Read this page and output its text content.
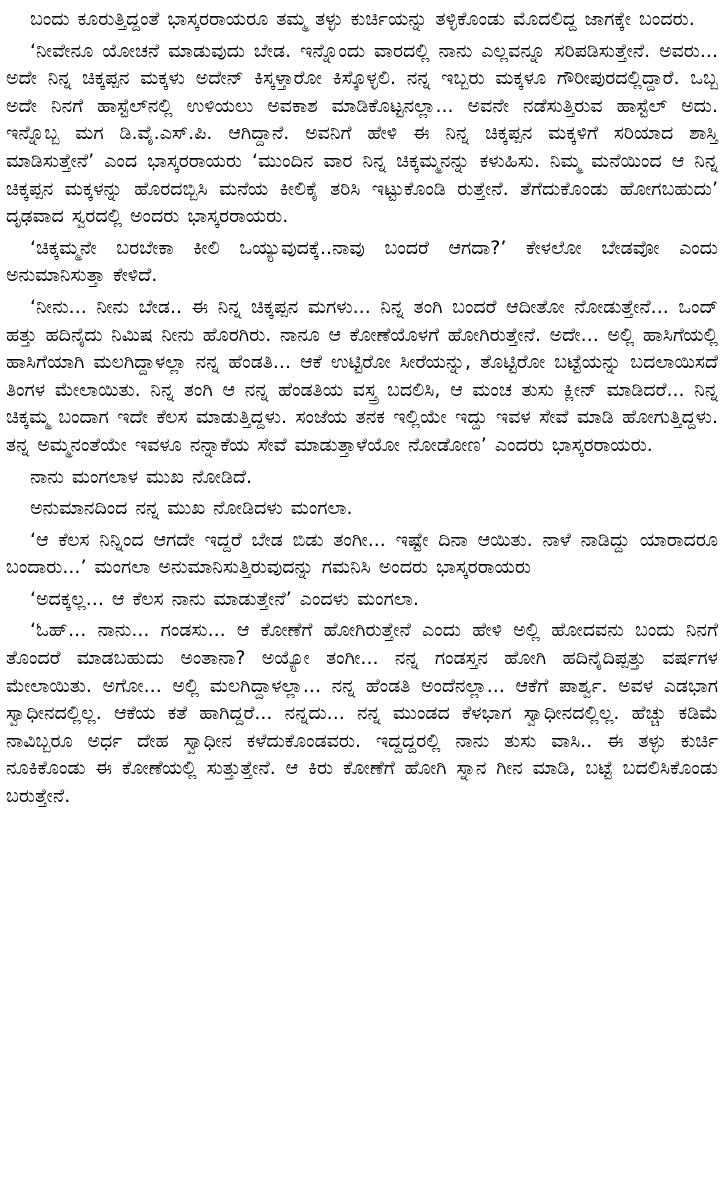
ಬಂದು ಕೂರುತ್ತಿದ್ದಂತೆ ಭಾಸ್ಕರರಾಯರೂ ತಮ್ಮ ತಳ್ಳು ಕುರ್ಚಿಯನ್ನು ತಳ್ಳಿಕೊಂಡು ಮೊದಲಿದ್ದ ಜಾಗಕ್ಕೇ ಬಂದರು.

‘ನೀವೇನೂ ಯೋಚನೆ ಮಾಡುವುದು ಬೇಡ. ಇನ್ನೊಂದು ವಾರದಲ್ಲಿ ನಾನು ಎಲ್ಲವನ್ನೂ ಸರಿಪಡಿಸುತ್ತೇನೆ. ಅವರು... ಅದೇ ನಿನ್ನ ಚಿಕ್ಕಪ್ಪನ ಮಕ್ಕಳು ಅದೇನ್ ಕಿಸ್ಕಳ್ತಾರೋ ಕಿಸ್ಕೊಳ್ಳಲಿ. ನನ್ನ ಇಬ್ಬರು ಮಕ್ಕಳೂ ಗೌರೀಪುರದಲ್ಲಿದ್ದಾರೆ. ಒಬ್ಬ ಅದೇ ನಿನಗೆ ಹಾಸ್ಟೆಲ್‌ನಲ್ಲಿ ಉಳಿಯಲು ಅವಕಾಶ ಮಾಡಿಕೊಟ್ಟನಲ್ಲಾ... ಅವನೇ ನಡೆಸುತ್ತಿರುವ ಹಾಸ್ಟೆಲ್ ಅದು. ಇನ್ನೊಬ್ಬ ಮಗ ಡಿ.ವೈ.ಎಸ್.ಪಿ. ಆಗಿದ್ದಾನೆ. ಅವನಿಗೆ ಹೇಳಿ ಈ ನಿನ್ನ ಚಿಕ್ಕಪ್ಪನ ಮಕ್ಕಳಿಗೆ ಸರಿಯಾದ ಶಾಸ್ತಿ ಮಾಡಿಸುತ್ತೇನೆ’ ಎಂದ ಭಾಸ್ಕರರಾಯರು ‘ಮುಂದಿನ ವಾರ ನಿನ್ನ ಚಿಕ್ಕಮ್ಮನನ್ನು ಕಳುಹಿಸು. ನಿಮ್ಮ ಮನೆಯಿಂದ ಆ ನಿನ್ನ ಚಿಕ್ಕಪ್ಪನ ಮಕ್ಕಳನ್ನು ಹೊರದಬ್ಬಿಸಿ ಮನೆಯ ಕೀಲಿಕೈ ತರಿಸಿ ಇಟ್ಟುಕೊಂಡಿ ರುತ್ತೇನೆ. ತೆಗೆದುಕೊಂಡು ಹೋಗಬಹುದು’ ದೃಢವಾದ ಸ್ವರದಲ್ಲಿ ಅಂದರು ಭಾಸ್ಕರರಾಯರು.

‘ಚಿಕ್ಕಮ್ಮನೇ ಬರಬೇಕಾ ಕೀಲಿ ಒಯ್ಯುವುದಕ್ಕೆ..ನಾವು ಬಂದರೆ ಆಗದಾ?’ ಕೇಳಲೋ ಬೇಡವೋ ಎಂದು ಅನುಮಾನಿಸುತ್ತಾ ಕೇಳಿದೆ.

‘ನೀನು... ನೀನು ಬೇಡ.. ಈ ನಿನ್ನ ಚಿಕ್ಕಪ್ಪನ ಮಗಳು... ನಿನ್ನ ತಂಗಿ ಬಂದರೆ ಆದೀತೋ ನೋಡುತ್ತೇನೆ... ಒಂದ್ ಹತ್ತು ಹದಿನೈದು ನಿಮಿಷ ನೀನು ಹೊರಗಿರು. ನಾನೂ ಆ ಕೋಣೆಯೊಳಗೆ ಹೋಗಿರುತ್ತೇನೆ. ಅದೇ... ಅಲ್ಲಿ ಹಾಸಿಗೆಯಲ್ಲಿ ಹಾಸಿಗೆಯಾಗಿ ಮಲಗಿದ್ದಾಳಲ್ಲಾ ನನ್ನ ಹೆಂಡತಿ... ಆಕೆ ಉಟ್ಟಿರೋ ಸೀರೆಯನ್ನು, ತೊಟ್ಟಿರೋ ಬಟ್ಟೆಯನ್ನು ಬದಲಾಯಿಸದೆ ತಿಂಗಳ ಮೇಲಾಯಿತು. ನಿನ್ನ ತಂಗಿ ಆ ನನ್ನ ಹೆಂಡತಿಯ ವಸ್ತ್ರ ಬದಲಿಸಿ, ಆ ಮಂಚ ತುಸು ಕ್ಲೀನ್ ಮಾಡಿದರೆ... ನಿನ್ನ ಚಿಕ್ಕಮ್ಮ ಬಂದಾಗ ಇದೇ ಕೆಲಸ ಮಾಡುತ್ತಿದ್ದಳು. ಸಂಜೆಯ ತನಕ ಇಲ್ಲಿಯೇ ಇದ್ದು ಇವಳ ಸೇವೆ ಮಾಡಿ ಹೋಗುತ್ತಿದ್ದಳು. ತನ್ನ ಅಮ್ಮನಂತೆಯೇ ಇವಳೂ ನನ್ನಾಕೆಯ ಸೇವೆ ಮಾಡುತ್ತಾಳೆಯೋ ನೋಡೋಣ’ ಎಂದರು ಭಾಸ್ಕರರಾಯರು.

ನಾನು ಮಂಗಲಾಳ ಮುಖ ನೋಡಿದೆ.

ಅನುಮಾನದಿಂದ ನನ್ನ ಮುಖ ನೋಡಿದಳು ಮಂಗಲಾ.

‘ಆ ಕೆಲಸ ನಿನ್ನಿಂದ ಆಗದೇ ಇದ್ದರೆ ಬೇಡ ಬಿಡು ತಂಗೀ... ಇಷ್ಟೇ ದಿನಾ ಆಯಿತು. ನಾಳೆ ನಾಡಿದ್ದು ಯಾರಾದರೂ ಬಂದಾರು...’ ಮಂಗಲಾ ಅನುಮಾನಿಸುತ್ತಿರುವುದನ್ನು ಗಮನಿಸಿ ಅಂದರು ಭಾಸ್ಕರರಾಯರು

‘ಅದಕ್ಕಲ್ಲ... ಆ ಕೆಲಸ ನಾನು ಮಾಡುತ್ತೇನೆ’ ಎಂದಳು ಮಂಗಲಾ.

‘ಓಹ್... ನಾನು... ಗಂಡಸು... ಆ ಕೋಣೆಗೆ ಹೋಗಿರುತ್ತೇನೆ ಎಂದು ಹೇಳಿ ಅಲ್ಲಿ ಹೋದವನು ಬಂದು ನಿನಗೆ ತೊಂದರೆ ಮಾಡಬಹುದು ಅಂತಾನಾ? ಅಯ್ಯೋ ತಂಗೀ... ನನ್ನ ಗಂಡಸ್ತನ ಹೋಗಿ ಹದಿನೈದಿಪ್ಪತ್ತು ವರ್ಷಗಳ ಮೇಲಾಯಿತು. ಅಗೋ... ಅಲ್ಲಿ ಮಲಗಿದ್ದಾಳಲ್ಲಾ... ನನ್ನ ಹೆಂಡತಿ ಅಂದೆನಲ್ಲಾ... ಆಕೆಗೆ ಪಾರ್ಶ್ವ. ಅವಳ ಎಡಭಾಗ ಸ್ವಾಧೀನದಲ್ಲಿಲ್ಲ. ಆಕೆಯ ಕತೆ ಹಾಗಿದ್ದರೆ... ನನ್ನದು... ನನ್ನ ಮುಂಡದ ಕೆಳಭಾಗ ಸ್ವಾಧೀನದಲ್ಲಿಲ್ಲ. ಹೆಚ್ಚು ಕಡಿಮೆ ನಾವಿಬ್ಬರೂ ಅರ್ಧ ದೇಹ ಸ್ವಾಧೀನ ಕಳೆದುಕೊಂಡವರು. ಇದ್ದದ್ದರಲ್ಲಿ ನಾನು ತುಸು ವಾಸಿ.. ಈ ತಳ್ಳು ಕುರ್ಚಿ ನೂಕಿಕೊಂಡು ಈ ಕೋಣೆಯಲ್ಲಿ ಸುತ್ತುತ್ತೇನೆ. ಆ ಕಿರು ಕೋಣೆಗೆ ಹೋಗಿ ಸ್ನಾನ ಗೀನ ಮಾಡಿ, ಬಟ್ಟೆ ಬದಲಿಸಿಕೊಂಡು ಬರುತ್ತೇನೆ.
